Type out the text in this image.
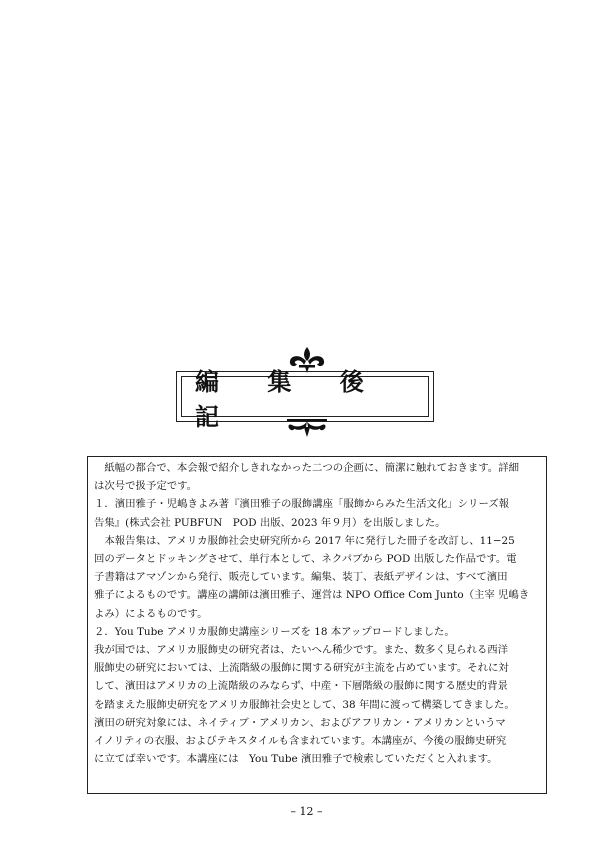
編 集 後 記

　紙幅の都合で、本会報で紹介しきれなかった二つの企画に、簡潔に触れておきます。詳細

は次号で扱予定です。

１．濱田雅子・児嶋きよみ著『濱田雅子の服飾講座「服飾からみた生活文化」シリーズ報

告集』(株式会社 PUBFUN　POD 出版、2023 年９月）を出版しました。

　本報告集は、アメリカ服飾社会史研究所から 2017 年に発行した冊子を改訂し、11−25

回のデータとドッキングさせて、単行本として、ネクパブから POD 出版した作品です。電

子書籍はアマゾンから発行、販売しています。編集、装丁、表紙デザインは、すべて濱田

雅子によるものです。講座の講師は濱田雅子、運営は NPO Office Com Junto（主宰 児嶋き

よみ）によるものです。

２．You Tube アメリカ服飾史講座シリーズを 18 本アップロードしました。

我が国では、アメリカ服飾史の研究者は、たいへん稀少です。また、数多く見られる西洋

服飾史の研究においては、上流階級の服飾に関する研究が主流を占めています。それに対

して、濱田はアメリカの上流階級のみならず、中産・下層階級の服飾に関する歴史的背景

を踏まえた服飾史研究をアメリカ服飾社会史として、38 年間に渡って構築してきました。

濱田の研究対象には、ネイティブ・アメリカン、およびアフリカン・アメリカンというマ

イノリティの衣服、およびテキスタイルも含まれています。本講座が、今後の服飾史研究

に立てば幸いです。本講座には　You Tube 濱田雅子で検索していただくと入れます。

– 12 –
